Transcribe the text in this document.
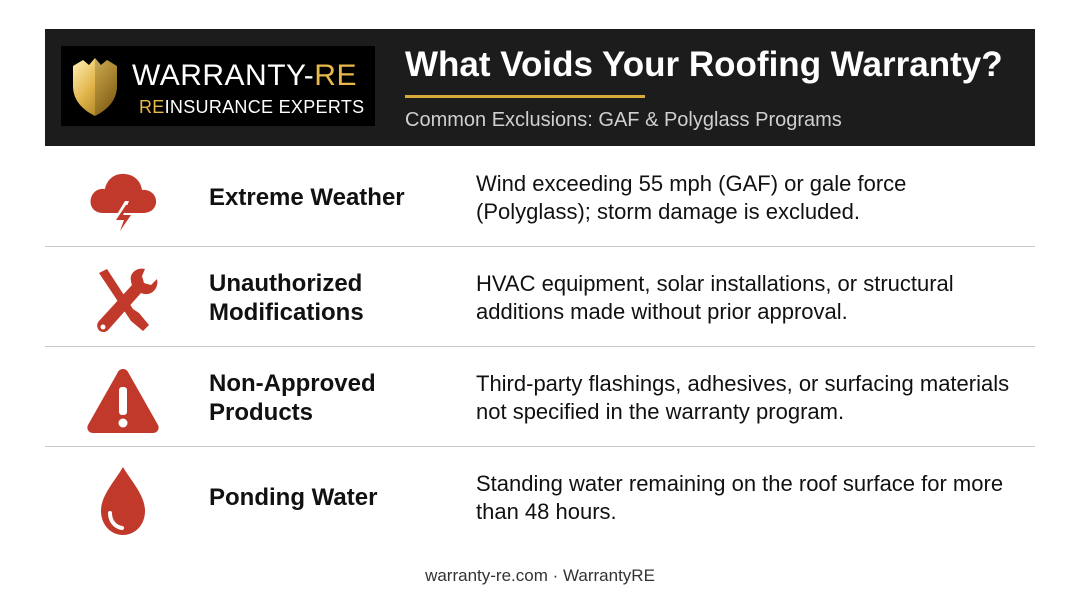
WARRANTY-RE
REINSURANCE EXPERTS
What Voids Your Roofing Warranty?
Common Exclusions: GAF & Polyglass Programs
Extreme Weather
Wind exceeding 55 mph (GAF) or gale force (Polyglass); storm damage is excluded.
Unauthorized Modifications
HVAC equipment, solar installations, or structural additions made without prior approval.
Non-Approved Products
Third-party flashings, adhesives, or surfacing materials not specified in the warranty program.
Ponding Water
Standing water remaining on the roof surface for more than 48 hours.
warranty-re.com · WarrantyRE
